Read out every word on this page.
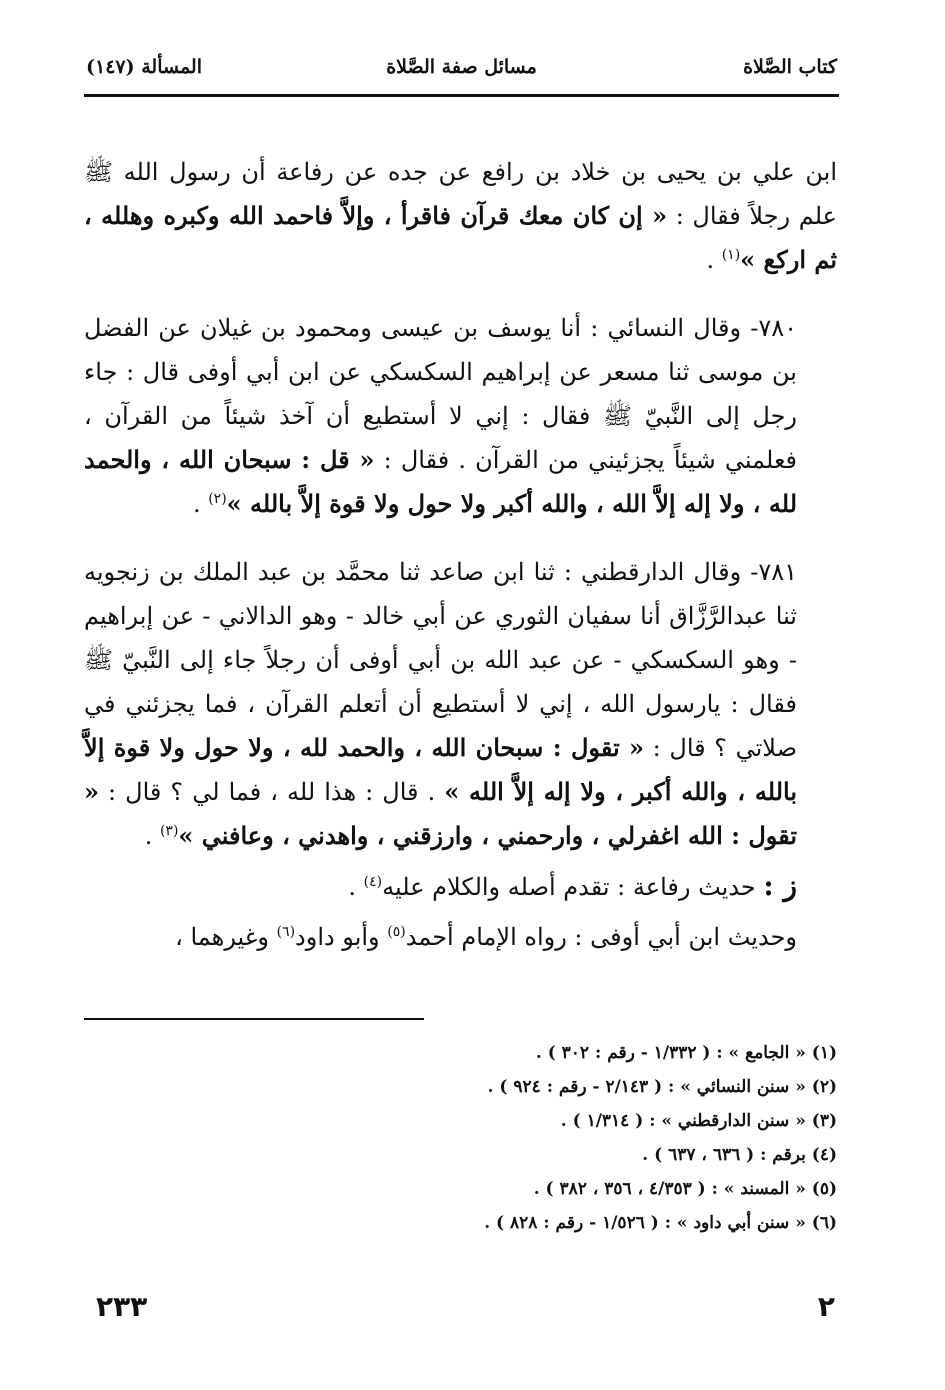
كتاب الصَّلاة
مسائل صفة الصَّلاة
المسألة (١٤٧)

ابن علي بن يحيى بن خلاد بن رافع عن جده عن رفاعة أن رسول الله ﷺ علم رجلاً فقال : « إن كان معك قرآن فاقرأ ، وإلاَّ فاحمد الله وكبره وهلله ، ثم اركع »$^{(١)}$ .

٧٨٠- وقال النسائي : أنا يوسف بن عيسى ومحمود بن غيلان عن الفضل بن موسى ثنا مسعر عن إبراهيم السكسكي عن ابن أبي أوفى قال : جاء رجل إلى النَّبيّ ﷺ فقال : إني لا أستطيع أن آخذ شيئاً من القرآن ، فعلمني شيئاً يجزئيني من القرآن . فقال : « قل : سبحان الله ، والحمد لله ، ولا إله إلاَّ الله ، والله أكبر ولا حول ولا قوة إلاَّ بالله »$^{(٢)}$ .

٧٨١- وقال الدارقطني : ثنا ابن صاعد ثنا محمَّد بن عبد الملك بن زنجويه ثنا عبدالرَّزَّاق أنا سفيان الثوري عن أبي خالد - وهو الدالاني - عن إبراهيم - وهو السكسكي - عن عبد الله بن أبي أوفى أن رجلاً جاء إلى النَّبيّ ﷺ فقال : يارسول الله ، إني لا أستطيع أن أتعلم القرآن ، فما يجزئني في صلاتي ؟ قال : « تقول : سبحان الله ، والحمد لله ، ولا حول ولا قوة إلاَّ بالله ، والله أكبر ، ولا إله إلاَّ الله » . قال : هذا لله ، فما لي ؟ قال : « تقول : الله اغفرلي ، وارحمني ، وارزقني ، واهدني ، وعافني »$^{(٣)}$ .

ز : حديث رفاعة : تقدم أصله والكلام عليه$^{(٤)}$ .

وحديث ابن أبي أوفى : رواه الإمام أحمد$^{(٥)}$ وأبو داود$^{(٦)}$ وغيرهما ،

(١) « الجامع » : ( ١/٣٣٢ - رقم : ٣٠٢ ) .
(٢) « سنن النسائي » : ( ٢/١٤٣ - رقم : ٩٢٤ ) .
(٣) « سنن الدارقطني » : ( ١/٣١٤ ) .
(٤) برقم : ( ٦٣٦ ، ٦٣٧ ) .
(٥) « المسند » : ( ٤/٣٥٣ ، ٣٥٦ ، ٣٨٢ ) .
(٦) « سنن أبي داود » : ( ١/٥٢٦ - رقم : ٨٢٨ ) .
٢٣٣	٢
